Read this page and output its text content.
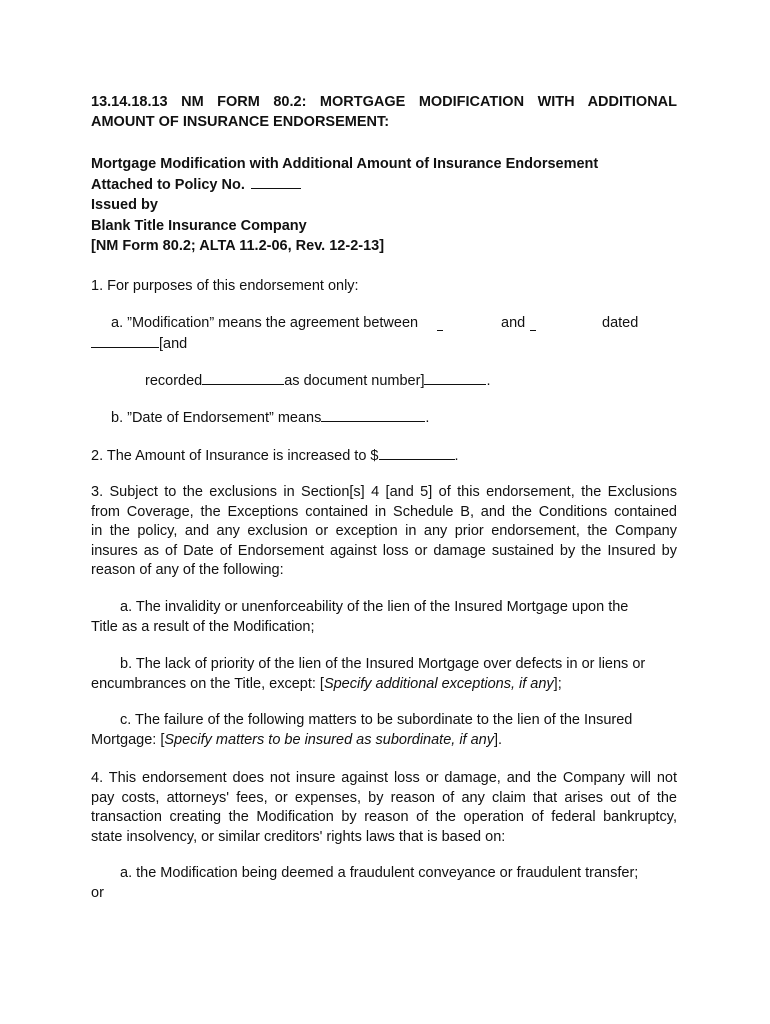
13.14.18.13 NM FORM 80.2: MORTGAGE MODIFICATION WITH ADDITIONAL
AMOUNT OF INSURANCE ENDORSEMENT:
Mortgage Modification with Additional Amount of Insurance Endorsement
Attached to Policy No.
Issued by
Blank Title Insurance Company
[NM Form 80.2; ALTA 11.2-06, Rev. 12-2-13]
1. For purposes of this endorsement only:
a. ”Modification” means the agreement between	and	dated
[and
recorded	as document number]	.
b. ”Date of Endorsement” means	.
2. The Amount of Insurance is increased to $	.
3. Subject to the exclusions in Section[s] 4 [and 5] of this endorsement, the Exclusions
from Coverage, the Exceptions contained in Schedule B, and the Conditions contained
in the policy, and any exclusion or exception in any prior endorsement, the Company
insures as of Date of Endorsement against loss or damage sustained by the Insured by
reason of any of the following:
a. The invalidity or unenforceability of the lien of the Insured Mortgage upon the
Title as a result of the Modification;
b. The lack of priority of the lien of the Insured Mortgage over defects in or liens or
encumbrances on the Title, except: [Specify additional exceptions, if any];
c. The failure of the following matters to be subordinate to the lien of the Insured
Mortgage: [Specify matters to be insured as subordinate, if any].
4. This endorsement does not insure against loss or damage, and the Company will not
pay costs, attorneys' fees, or expenses, by reason of any claim that arises out of the
transaction creating the Modification by reason of the operation of federal bankruptcy,
state insolvency, or similar creditors' rights laws that is based on:
a. the Modification being deemed a fraudulent conveyance or fraudulent transfer;
or
